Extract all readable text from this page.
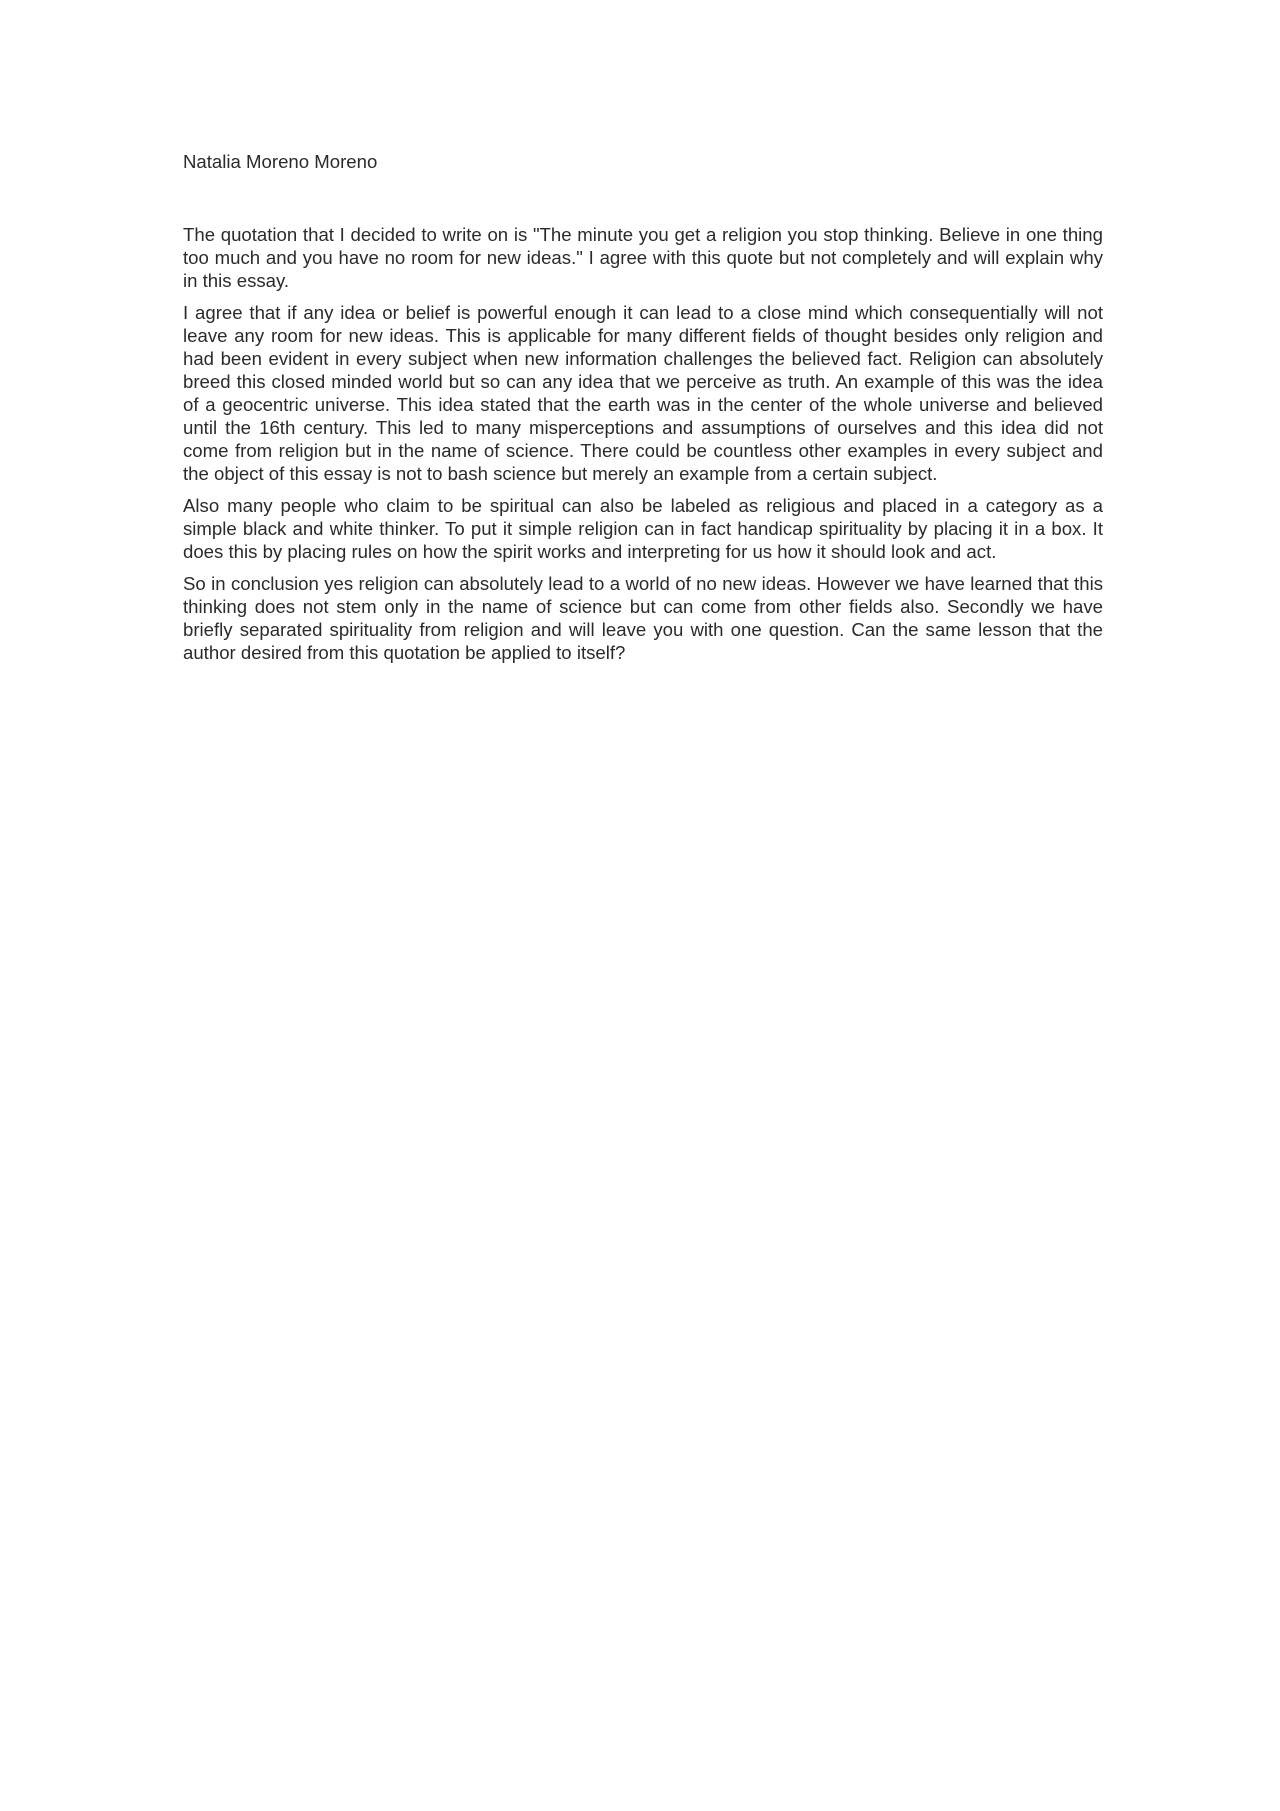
Natalia Moreno Moreno

The quotation that I decided to write on is "The minute you get a religion you stop thinking. Believe in one thing too much and you have no room for new ideas." I agree with this quote but not completely and will explain why in this essay.

I agree that if any idea or belief is powerful enough it can lead to a close mind which consequentially will not leave any room for new ideas. This is applicable for many different fields of thought besides only religion and had been evident in every subject when new information challenges the believed fact. Religion can absolutely breed this closed minded world but so can any idea that we perceive as truth. An example of this was the idea of a geocentric universe. This idea stated that the earth was in the center of the whole universe and believed until the 16th century. This led to many misperceptions and assumptions of ourselves and this idea did not come from religion but in the name of science. There could be countless other examples in every subject and the object of this essay is not to bash science but merely an example from a certain subject.

Also many people who claim to be spiritual can also be labeled as religious and placed in a category as a simple black and white thinker. To put it simple religion can in fact handicap spirituality by placing it in a box. It does this by placing rules on how the spirit works and interpreting for us how it should look and act.

So in conclusion yes religion can absolutely lead to a world of no new ideas. However we have learned that this thinking does not stem only in the name of science but can come from other fields also. Secondly we have briefly separated spirituality from religion and will leave you with one question. Can the same lesson that the author desired from this quotation be applied to itself?
